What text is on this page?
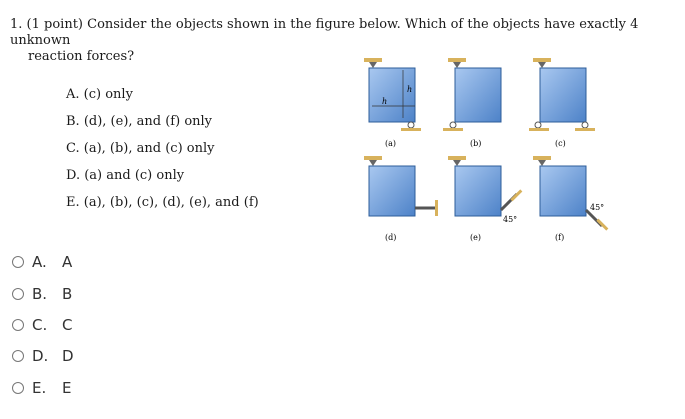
1. (1 point) Consider the objects shown in the figure below. Which of the objects have exactly 4 unknown
reaction forces?
A. (c) only
B. (d), (e), and (f) only
C. (a), (b), and (c) only
D. (a) and (c) only
E. (a), (b), (c), (d), (e), and (f)
h
h
(a)	(b)	(c)
(d)
45°
(e)
45°
(f)
A.	A
B. B
C. C
D. D
E.	E
